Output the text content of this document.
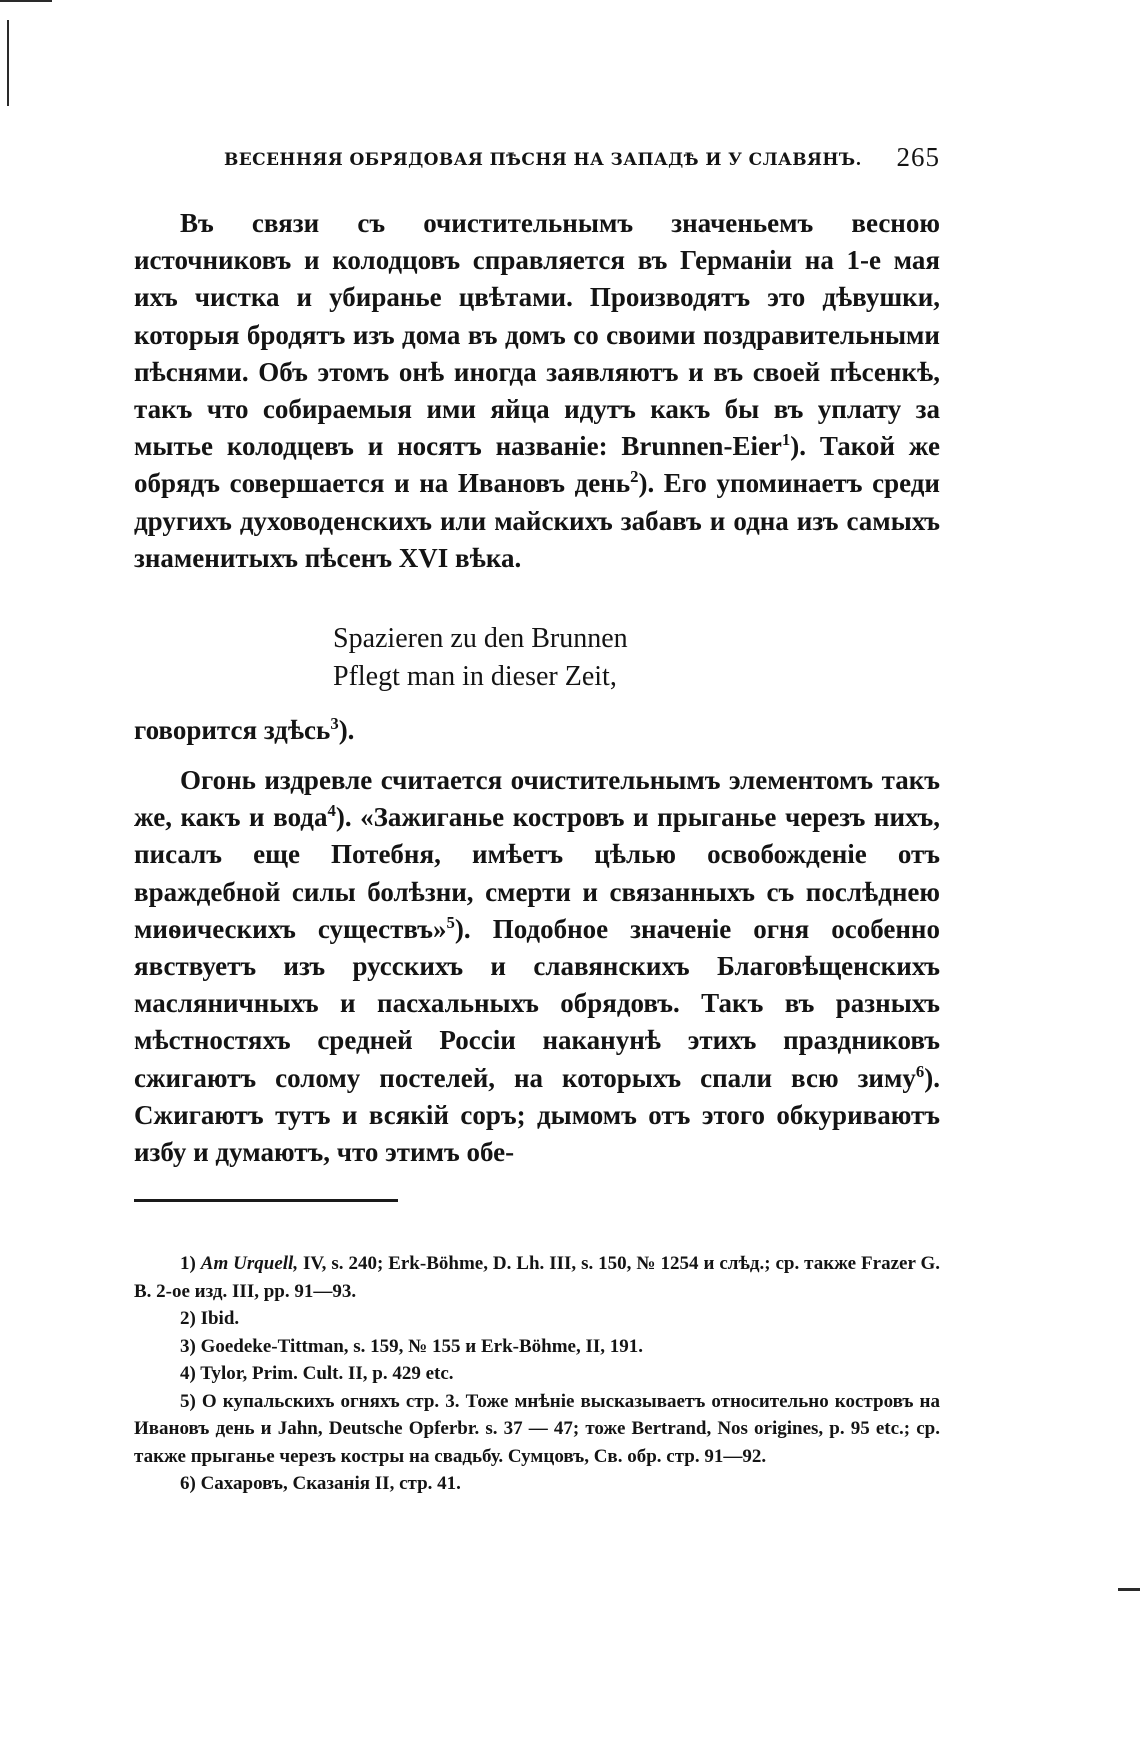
ВЕСЕННЯЯ ОБРЯДОВАЯ ПѢСНЯ НА ЗАПАДѢ И У СЛАВЯНЪ. 265

Въ связи съ очистительнымъ значеньемъ весною источниковъ и колодцовъ справляется въ Германіи на 1-е мая ихъ чистка и убиранье цвѣтами. Производятъ это дѣвушки, которыя бродятъ изъ дома въ домъ со своими поздравительными пѣснями. Объ этомъ онѣ иногда заявляютъ и въ своей пѣсенкѣ, такъ что собираемыя ими яйца идутъ какъ бы въ уплату за мытье колодцевъ и носятъ названіе: Brunnen-Eier$^1$). Такой же обрядъ совершается и на Ивановъ день$^2$). Его упоминаетъ среди другихъ духоводенскихъ или майскихъ забавъ и одна изъ самыхъ знаменитыхъ пѣсенъ XVI вѣка.

Spazieren zu den Brunnen
Pflegt man in dieser Zeit,

говорится здѣсь$^3$).

Огонь издревле считается очистительнымъ элементомъ такъ же, какъ и вода$^4$). «Зажиганье костровъ и прыганье черезъ нихъ, писалъ еще Потебня, имѣетъ цѣлью освобожденіе отъ враждебной силы болѣзни, смерти и связанныхъ съ послѣднею миѳическихъ существъ»$^5$). Подобное значеніе огня особенно явствуетъ изъ русскихъ и славянскихъ Благовѣщенскихъ масляничныхъ и пасхальныхъ обрядовъ. Такъ въ разныхъ мѣстностяхъ средней Россіи наканунѣ этихъ праздниковъ сжигаютъ солому постелей, на которыхъ спали всю зиму$^6$). Сжигаютъ тутъ и всякій соръ; дымомъ отъ этого обкуриваютъ избу и думаютъ, что этимъ обе-

1) Am Urquell, IV, s. 240; Erk-Böhme, D. Lh. III, s. 150, № 1254 и слѣд.; ср. также Frazer G. B. 2-ое изд. III, pp. 91—93.

2) Ibid.

3) Goedeke-Tittman, s. 159, № 155 и Erk-Böhme, II, 191.

4) Tylor, Prim. Cult. II, p. 429 etc.

5) О купальскихъ огняхъ стр. 3. Тоже мнѣніе высказываетъ относительно костровъ на Ивановъ день и Jahn, Deutsche Opferbr. s. 37 — 47; тоже Bertrand, Nos origines, p. 95 etc.; ср. также прыганье черезъ костры на свадьбу. Сумцовъ, Св. обр. стр. 91—92.

6) Сахаровъ, Сказанія II, стр. 41.
